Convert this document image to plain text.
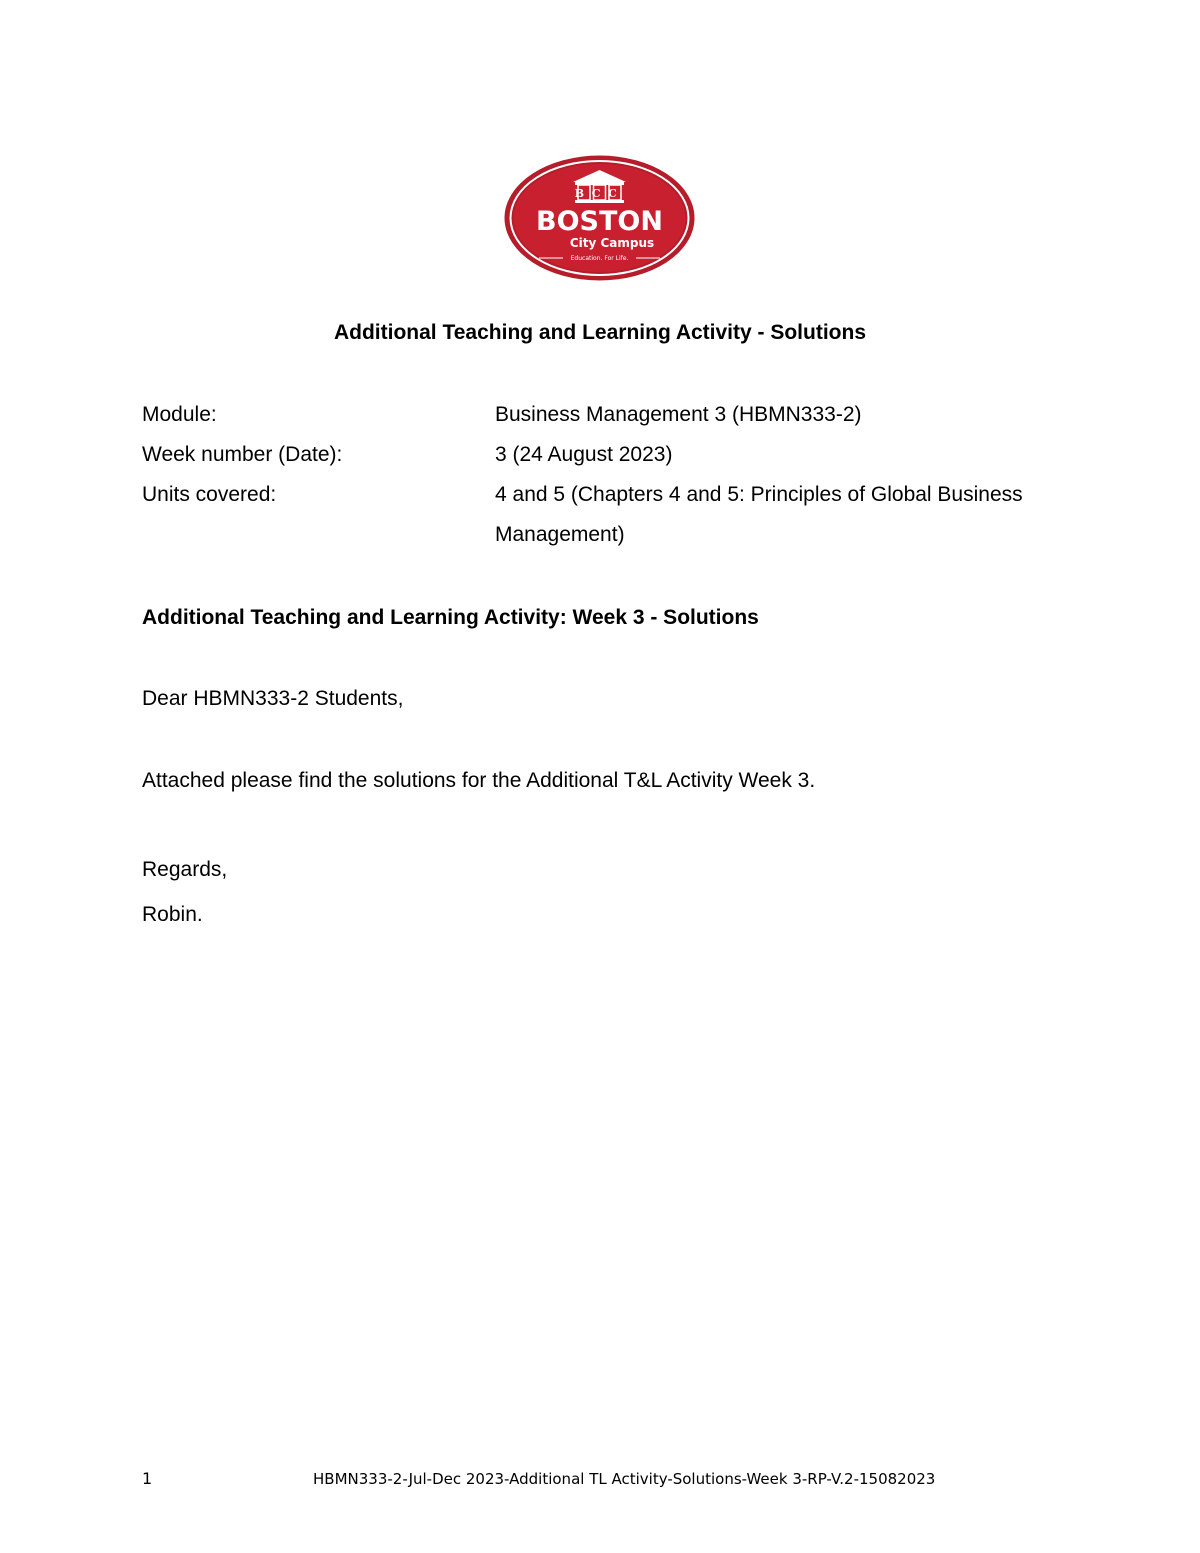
BCC
BOSTON
City Campus
Education. For Life.
Additional Teaching and Learning Activity - Solutions
Module:	Business Management 3 (HBMN333-2)
Week number (Date):	3 (24 August 2023)
Units covered:	4 and 5 (Chapters 4 and 5: Principles of Global Business Management)
Additional Teaching and Learning Activity: Week 3 - Solutions
Dear HBMN333-2 Students,
Attached please find the solutions for the Additional T&L Activity Week 3.
Regards,
Robin.
1	HBMN333-2-Jul-Dec 2023-Additional TL Activity-Solutions-Week 3-RP-V.2-15082023
